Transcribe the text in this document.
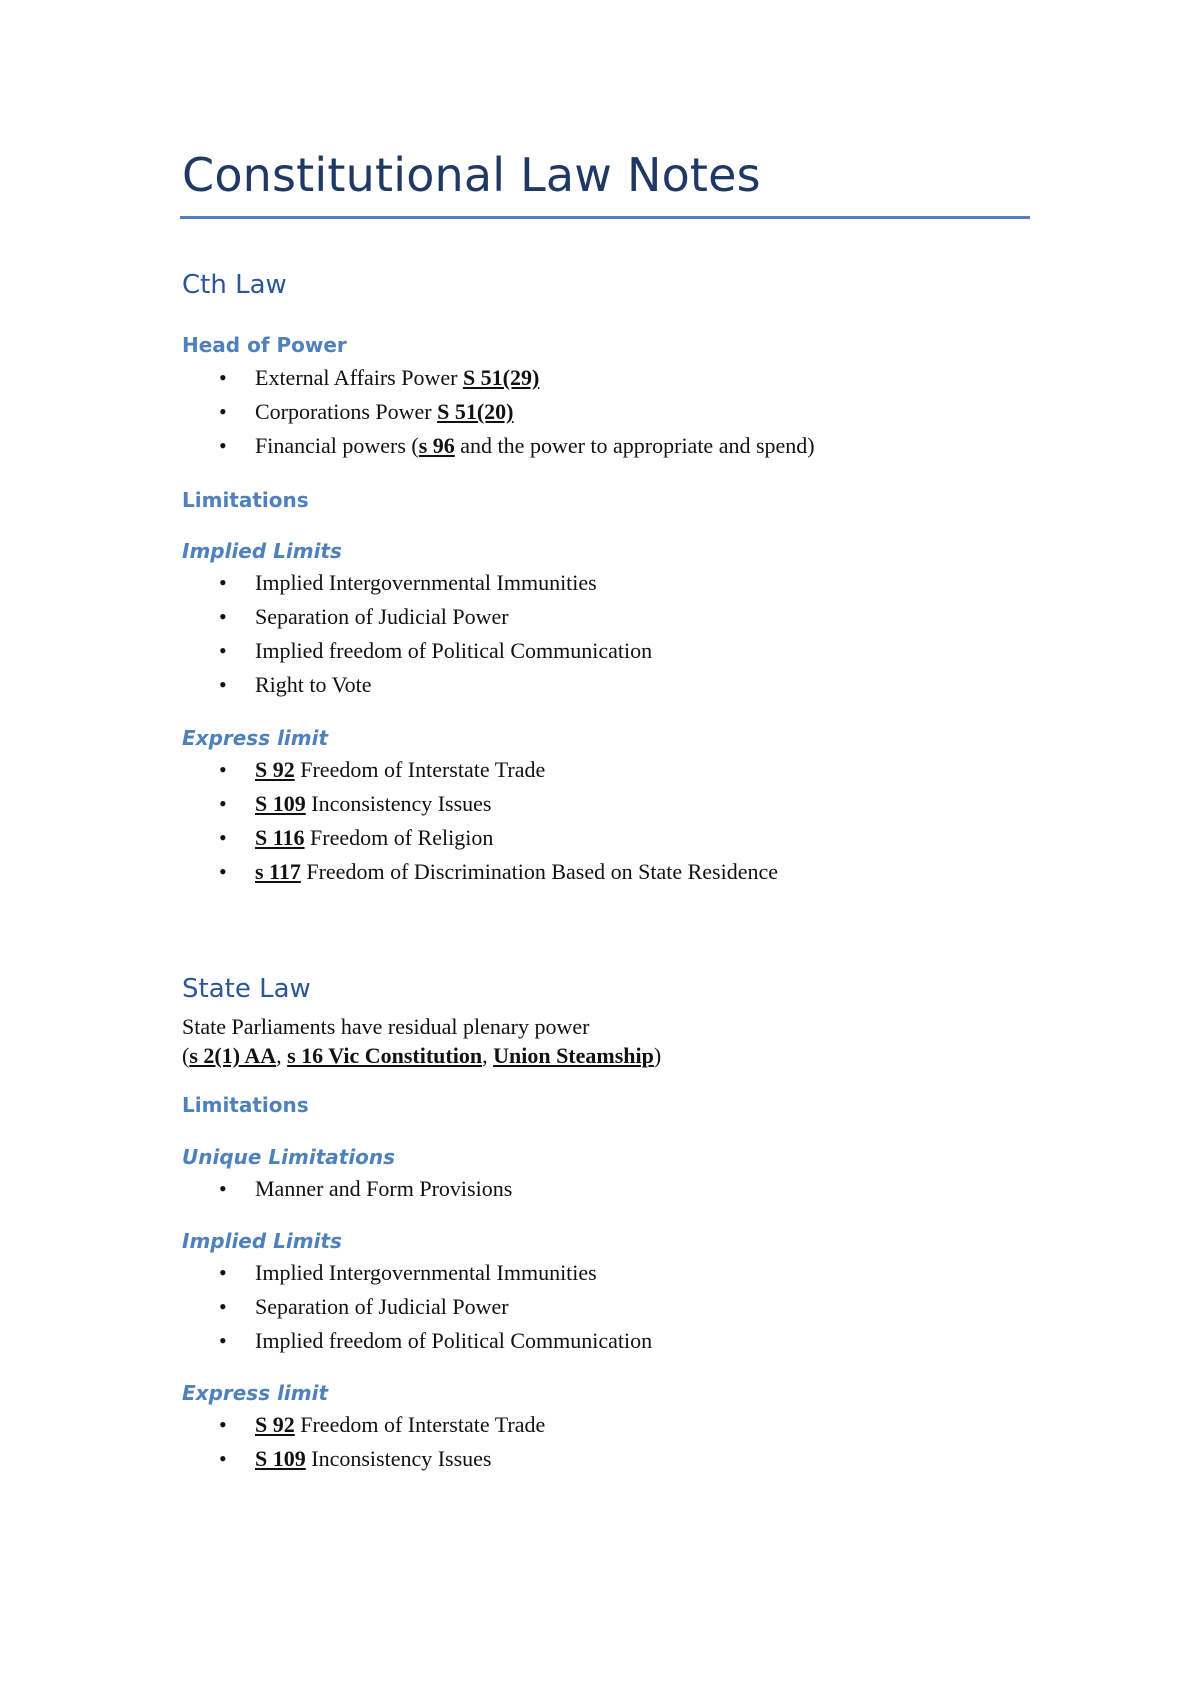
Constitutional Law Notes
Cth Law
Head of Power
• External Affairs Power S 51(29)
• Corporations Power S 51(20)
• Financial powers (s 96 and the power to appropriate and spend)
Limitations
Implied Limits
• Implied Intergovernmental Immunities
• Separation of Judicial Power
• Implied freedom of Political Communication
• Right to Vote
Express limit
• S 92 Freedom of Interstate Trade
• S 109 Inconsistency Issues
• S 116 Freedom of Religion
• s 117 Freedom of Discrimination Based on State Residence
State Law
State Parliaments have residual plenary power
(s 2(1) AA, s 16 Vic Constitution, Union Steamship)
Limitations
Unique Limitations
• Manner and Form Provisions
Implied Limits
• Implied Intergovernmental Immunities
• Separation of Judicial Power
• Implied freedom of Political Communication
Express limit
• S 92 Freedom of Interstate Trade
• S 109 Inconsistency Issues
